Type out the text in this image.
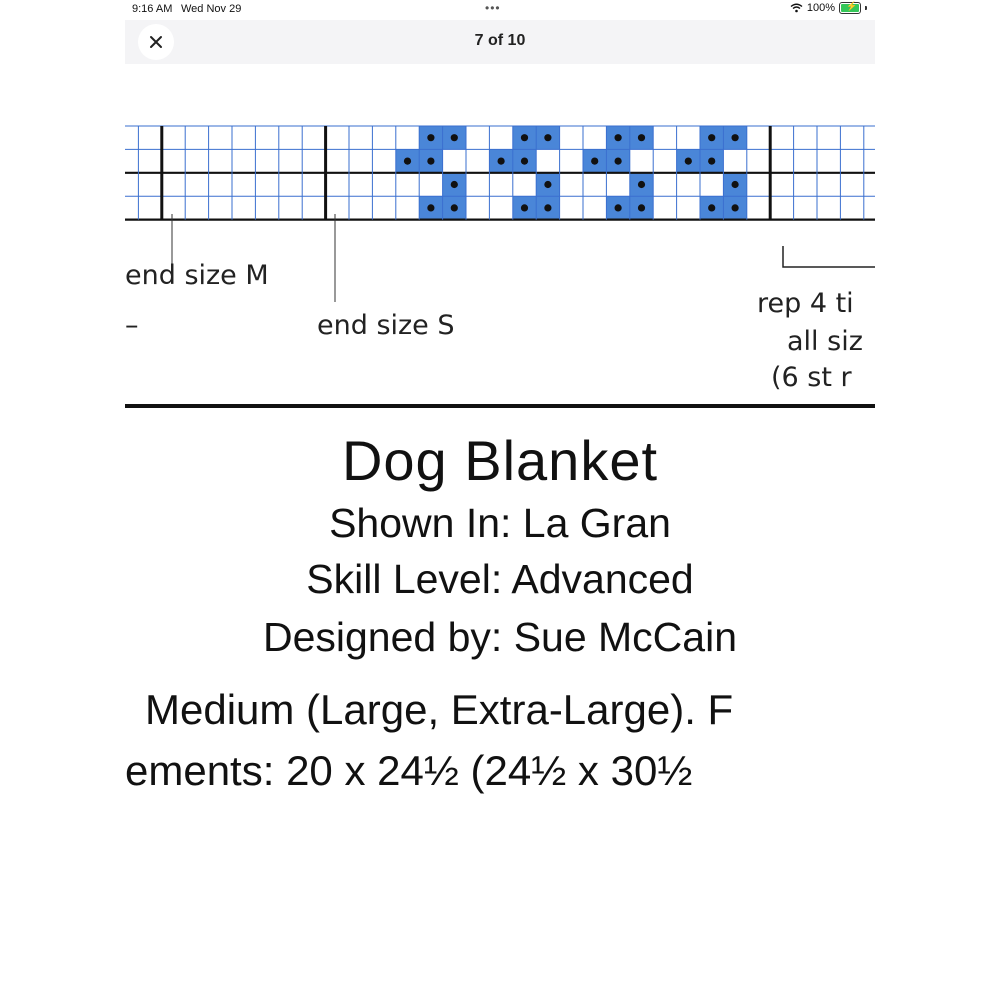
9:16 AM Wed Nov 29	•••	100% ⚡
7 of 10
end size M
–	end size S
rep 4 ti
all siz
(6 st r
Dog Blanket
Shown In: La Gran
Skill Level: Advanced
Designed by: Sue McCain
Medium (Large, Extra-Large). F
ements: 20 x 24½ (24½ x 30½
